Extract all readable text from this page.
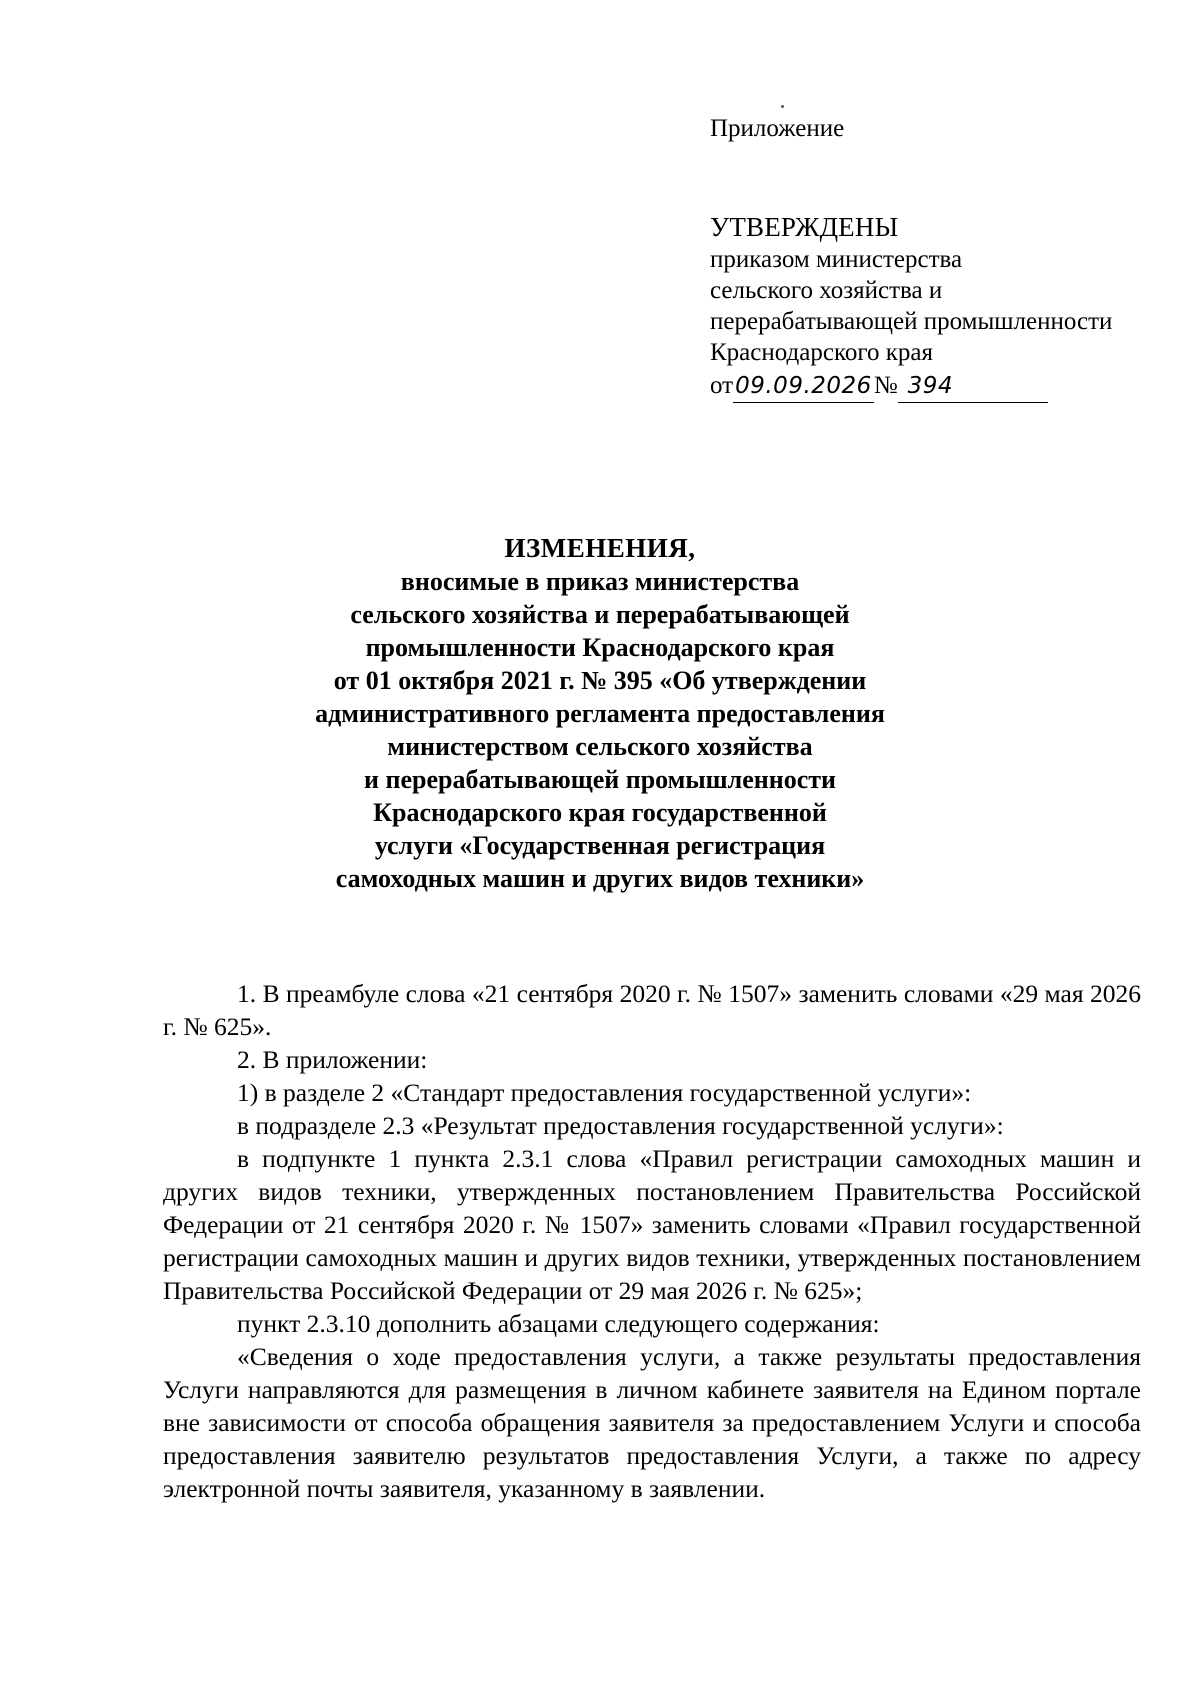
Приложение
УТВЕРЖДЕНЫ
приказом министерства
сельского хозяйства и
перерабатывающей промышленности
Краснодарского края
от09.09.2026№ 394
ИЗМЕНЕНИЯ,
вносимые в приказ министерства
сельского хозяйства и перерабатывающей
промышленности Краснодарского края
от 01 октября 2021 г. № 395 «Об утверждении
административного регламента предоставления
министерством сельского хозяйства
и перерабатывающей промышленности
Краснодарского края государственной
услуги «Государственная регистрация
самоходных машин и других видов техники»

1. В преамбуле слова «21 сентября 2020 г. № 1507» заменить словами «29 мая 2026 г. № 625».

2. В приложении:

1) в разделе 2 «Стандарт предоставления государственной услуги»:

в подразделе 2.3 «Результат предоставления государственной услуги»:

в подпункте 1 пункта 2.3.1 слова «Правил регистрации самоходных машин и других видов техники, утвержденных постановлением Правительства Российской Федерации от 21 сентября 2020 г. № 1507» заменить словами «Правил государственной регистрации самоходных машин и других видов техники, утвержденных постановлением Правительства Российской Федерации от 29 мая 2026 г. № 625»;

пункт 2.3.10 дополнить абзацами следующего содержания:

«Сведения о ходе предоставления услуги, а также результаты предоставления Услуги направляются для размещения в личном кабинете заявителя на Едином портале вне зависимости от способа обращения заявителя за предоставлением Услуги и способа предоставления заявителю результатов предоставления Услуги, а также по адресу электронной почты заявителя, указанному в заявлении.
